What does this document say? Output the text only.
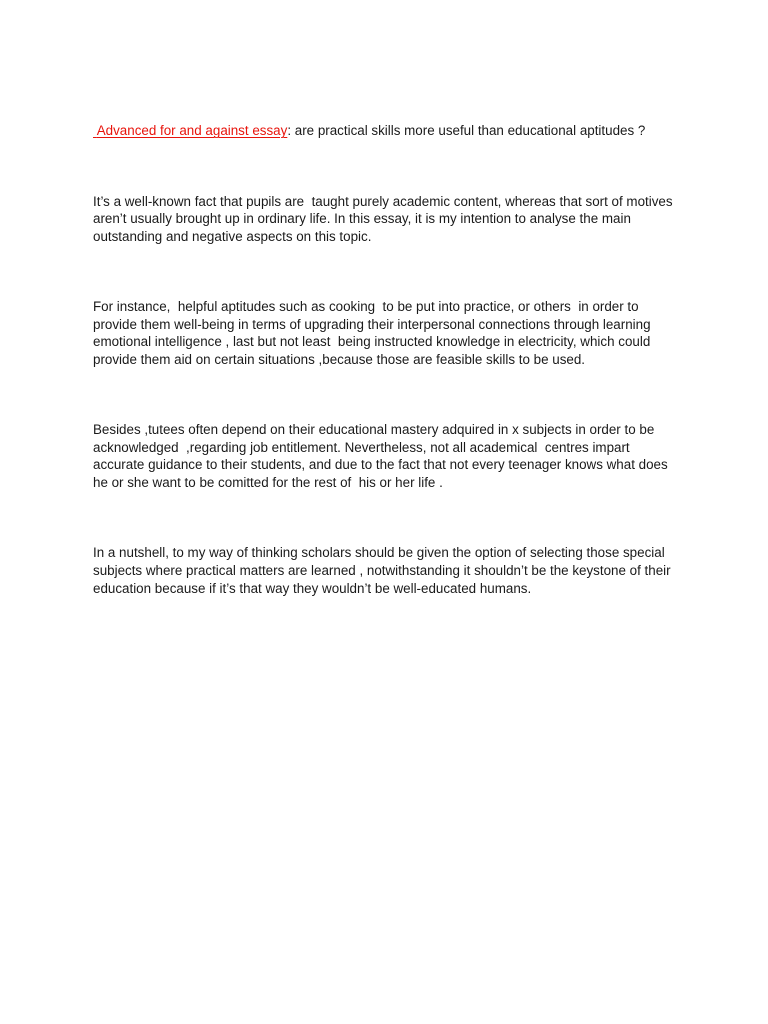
Advanced for and against essay: are practical skills more useful than educational aptitudes ?

It’s a well-known fact that pupils are  taught purely academic content, whereas that sort of motives aren’t usually brought up in ordinary life. In this essay, it is my intention to analyse the main outstanding and negative aspects on this topic.

For instance,  helpful aptitudes such as cooking  to be put into practice, or others  in order to provide them well-being in terms of upgrading their interpersonal connections through learning emotional intelligence , last but not least  being instructed knowledge in electricity, which could provide them aid on certain situations ,because those are feasible skills to be used.

Besides ,tutees often depend on their educational mastery adquired in x subjects in order to be acknowledged  ,regarding job entitlement. Nevertheless, not all academical  centres impart accurate guidance to their students, and due to the fact that not every teenager knows what does he or she want to be comitted for the rest of  his or her life .

In a nutshell, to my way of thinking scholars should be given the option of selecting those special subjects where practical matters are learned , notwithstanding it shouldn’t be the keystone of their education because if it’s that way they wouldn’t be well-educated humans.
